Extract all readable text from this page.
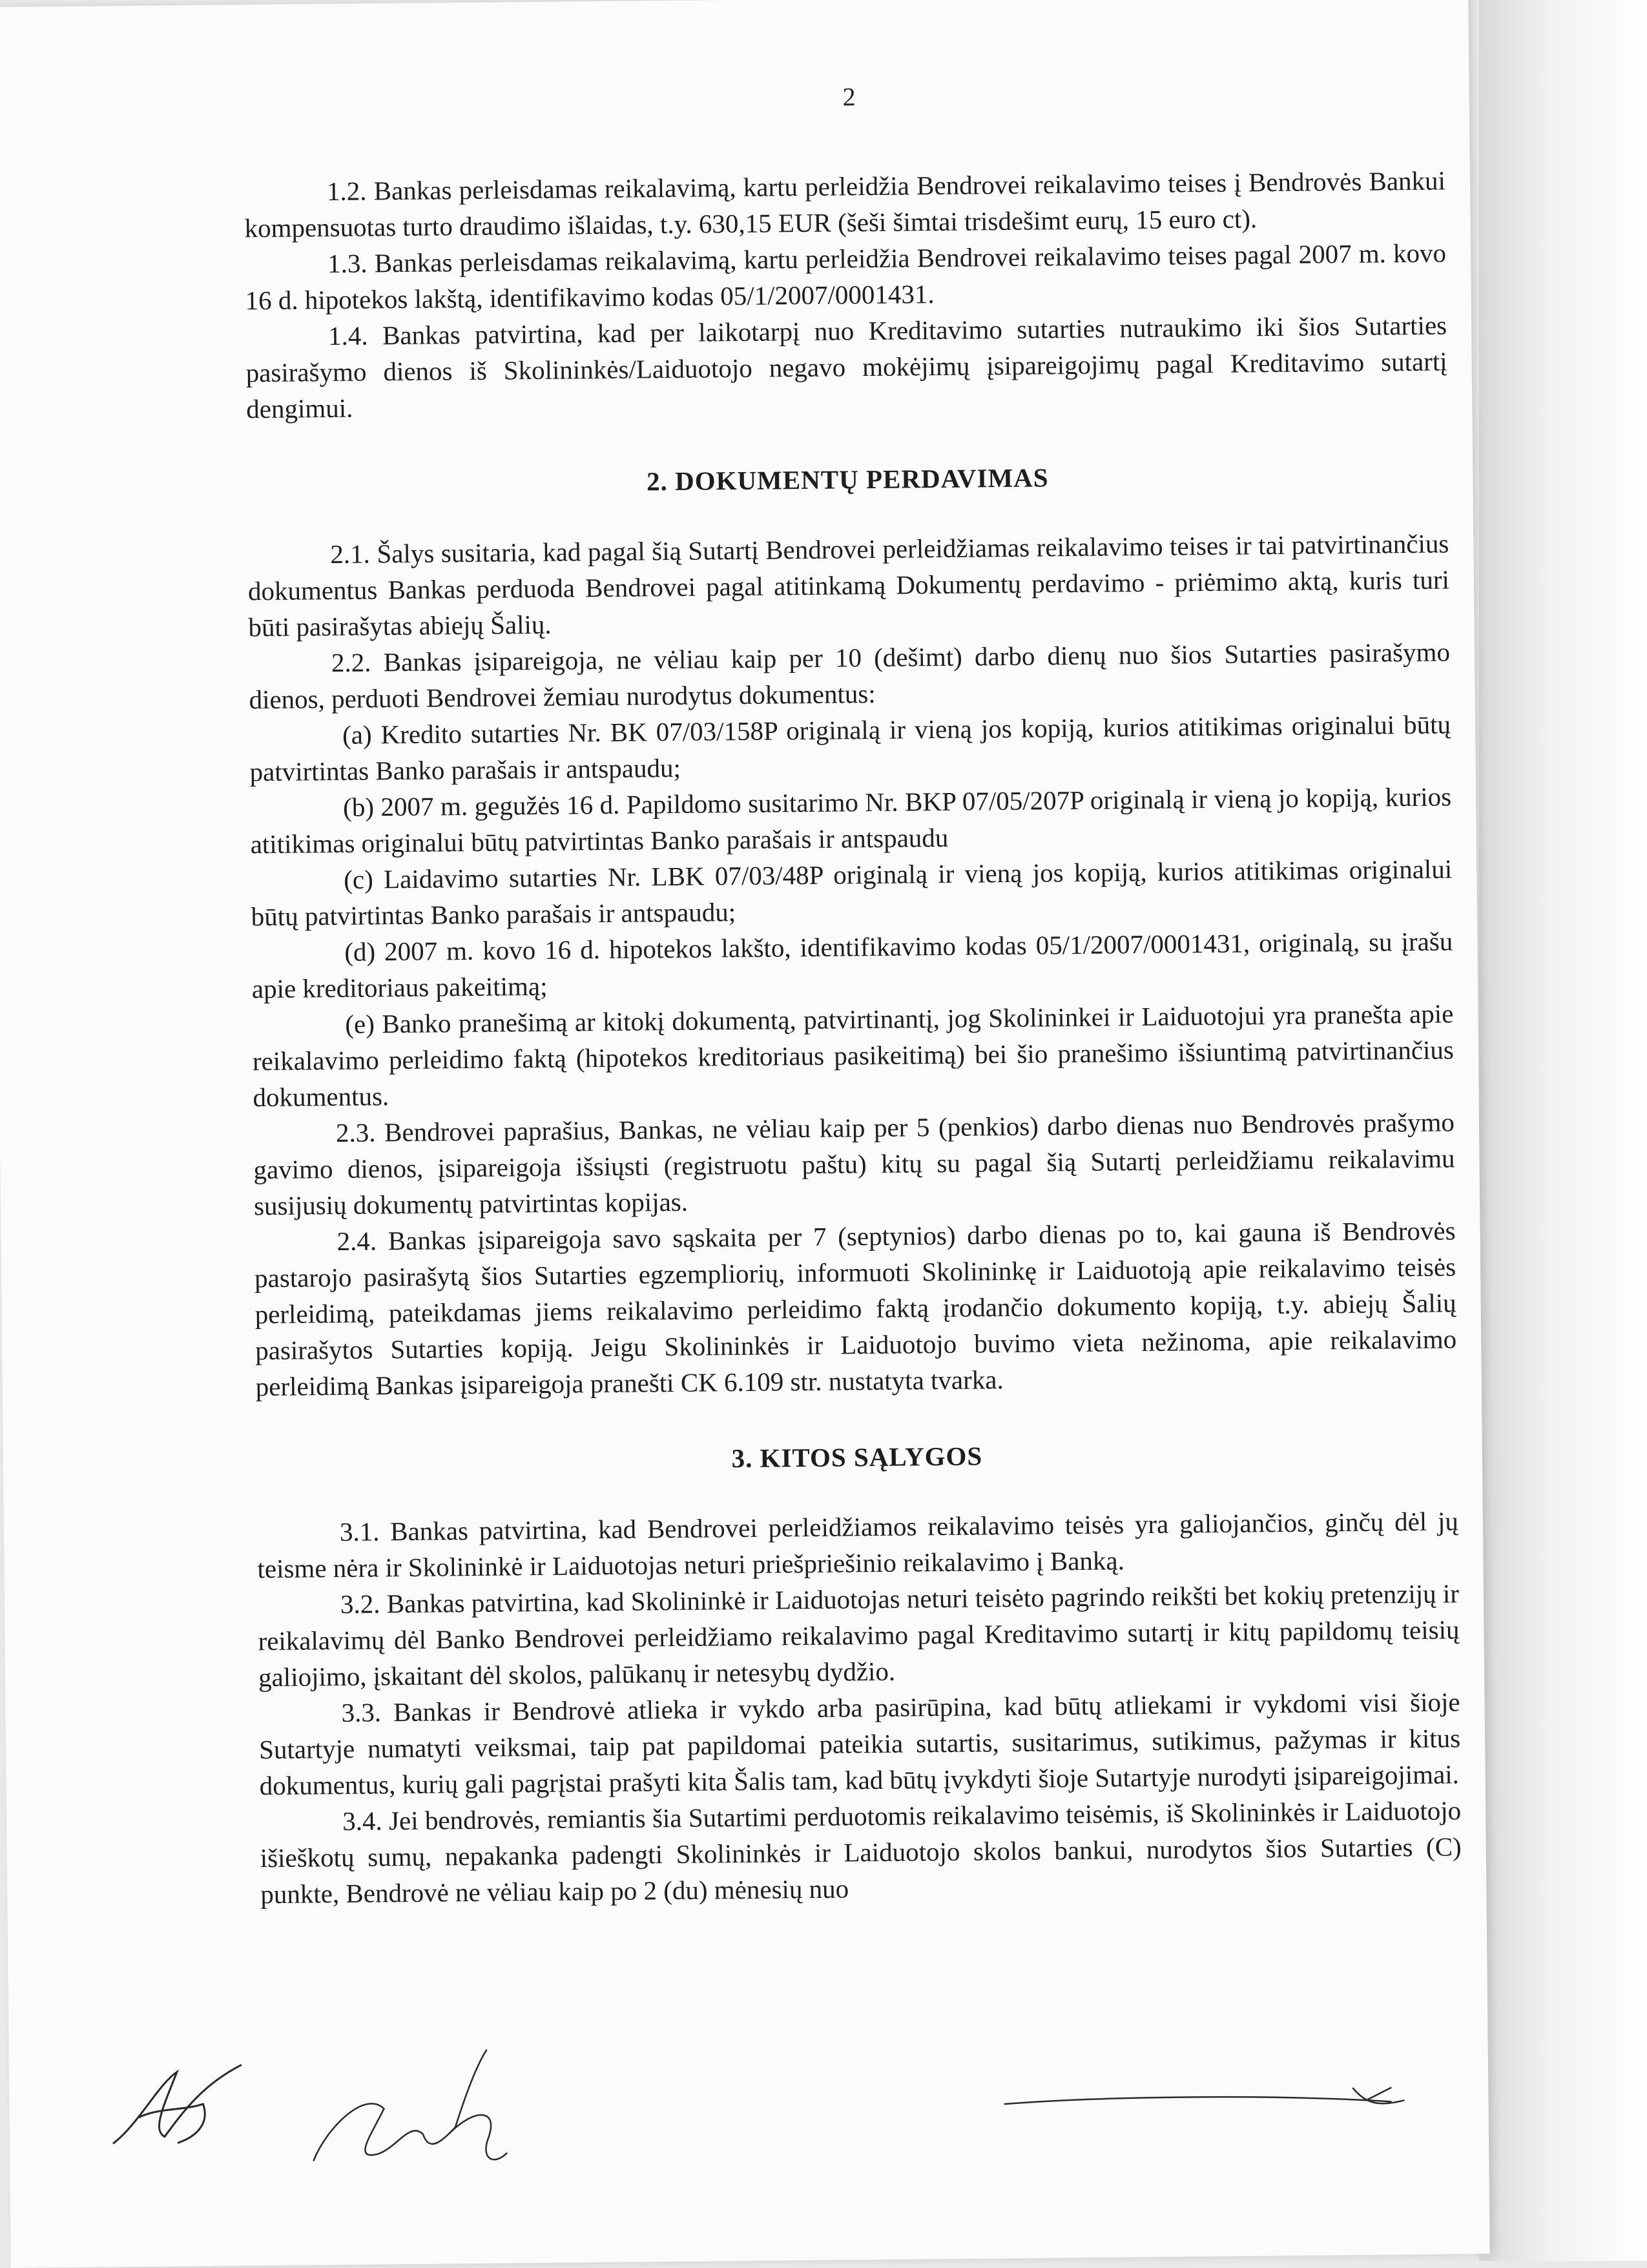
2

1.2. Bankas perleisdamas reikalavimą, kartu perleidžia Bendrovei reikalavimo teises į Bendrovės Bankui kompensuotas turto draudimo išlaidas, t.y. 630,15 EUR (šeši šimtai trisdešimt eurų, 15 euro ct).

1.3. Bankas perleisdamas reikalavimą, kartu perleidžia Bendrovei reikalavimo teises pagal 2007 m. kovo 16 d. hipotekos lakštą, identifikavimo kodas 05/1/2007/0001431.

1.4. Bankas patvirtina, kad per laikotarpį nuo Kreditavimo sutarties nutraukimo iki šios Sutarties pasirašymo dienos iš Skolininkės/Laiduotojo negavo mokėjimų įsipareigojimų pagal Kreditavimo sutartį dengimui.

2. DOKUMENTŲ PERDAVIMAS

2.1. Šalys susitaria, kad pagal šią Sutartį Bendrovei perleidžiamas reikalavimo teises ir tai patvirtinančius dokumentus Bankas perduoda Bendrovei pagal atitinkamą Dokumentų perdavimo - priėmimo aktą, kuris turi būti pasirašytas abiejų Šalių.

2.2. Bankas įsipareigoja, ne vėliau kaip per 10 (dešimt) darbo dienų nuo šios Sutarties pasirašymo dienos, perduoti Bendrovei žemiau nurodytus dokumentus:

(a) Kredito sutarties Nr. BK 07/03/158P originalą ir vieną jos kopiją, kurios atitikimas originalui būtų patvirtintas Banko parašais ir antspaudu;

(b) 2007 m. gegužės 16 d. Papildomo susitarimo Nr. BKP 07/05/207P originalą ir vieną jo kopiją, kurios atitikimas originalui būtų patvirtintas Banko parašais ir antspaudu

(c) Laidavimo sutarties Nr. LBK 07/03/48P originalą ir vieną jos kopiją, kurios atitikimas originalui būtų patvirtintas Banko parašais ir antspaudu;

(d) 2007 m. kovo 16 d. hipotekos lakšto, identifikavimo kodas 05/1/2007/0001431, originalą, su įrašu apie kreditoriaus pakeitimą;

(e) Banko pranešimą ar kitokį dokumentą, patvirtinantį, jog Skolininkei ir Laiduotojui yra pranešta apie reikalavimo perleidimo faktą (hipotekos kreditoriaus pasikeitimą) bei šio pranešimo išsiuntimą patvirtinančius dokumentus.

2.3. Bendrovei paprašius, Bankas, ne vėliau kaip per 5 (penkios) darbo dienas nuo Bendrovės prašymo gavimo dienos, įsipareigoja išsiųsti (registruotu paštu) kitų su pagal šią Sutartį perleidžiamu reikalavimu susijusių dokumentų patvirtintas kopijas.

2.4. Bankas įsipareigoja savo sąskaita per 7 (septynios) darbo dienas po to, kai gauna iš Bendrovės pastarojo pasirašytą šios Sutarties egzempliorių, informuoti Skolininkę ir Laiduotoją apie reikalavimo teisės perleidimą, pateikdamas jiems reikalavimo perleidimo faktą įrodančio dokumento kopiją, t.y. abiejų Šalių pasirašytos Sutarties kopiją. Jeigu Skolininkės ir Laiduotojo buvimo vieta nežinoma, apie reikalavimo perleidimą Bankas įsipareigoja pranešti CK 6.109 str. nustatyta tvarka.

3. KITOS SĄLYGOS

3.1. Bankas patvirtina, kad Bendrovei perleidžiamos reikalavimo teisės yra galiojančios, ginčų dėl jų teisme nėra ir Skolininkė ir Laiduotojas neturi priešpriešinio reikalavimo į Banką.

3.2. Bankas patvirtina, kad Skolininkė ir Laiduotojas neturi teisėto pagrindo reikšti bet kokių pretenzijų ir reikalavimų dėl Banko Bendrovei perleidžiamo reikalavimo pagal Kreditavimo sutartį ir kitų papildomų teisių galiojimo, įskaitant dėl skolos, palūkanų ir netesybų dydžio.

3.3. Bankas ir Bendrovė atlieka ir vykdo arba pasirūpina, kad būtų atliekami ir vykdomi visi šioje Sutartyje numatyti veiksmai, taip pat papildomai pateikia sutartis, susitarimus, sutikimus, pažymas ir kitus dokumentus, kurių gali pagrįstai prašyti kita Šalis tam, kad būtų įvykdyti šioje Sutartyje nurodyti įsipareigojimai.

3.4. Jei bendrovės, remiantis šia Sutartimi perduotomis reikalavimo teisėmis, iš Skolininkės ir Laiduotojo išieškotų sumų, nepakanka padengti Skolininkės ir Laiduotojo skolos bankui, nurodytos šios Sutarties (C) punkte, Bendrovė ne vėliau kaip po 2 (du) mėnesių nuo
